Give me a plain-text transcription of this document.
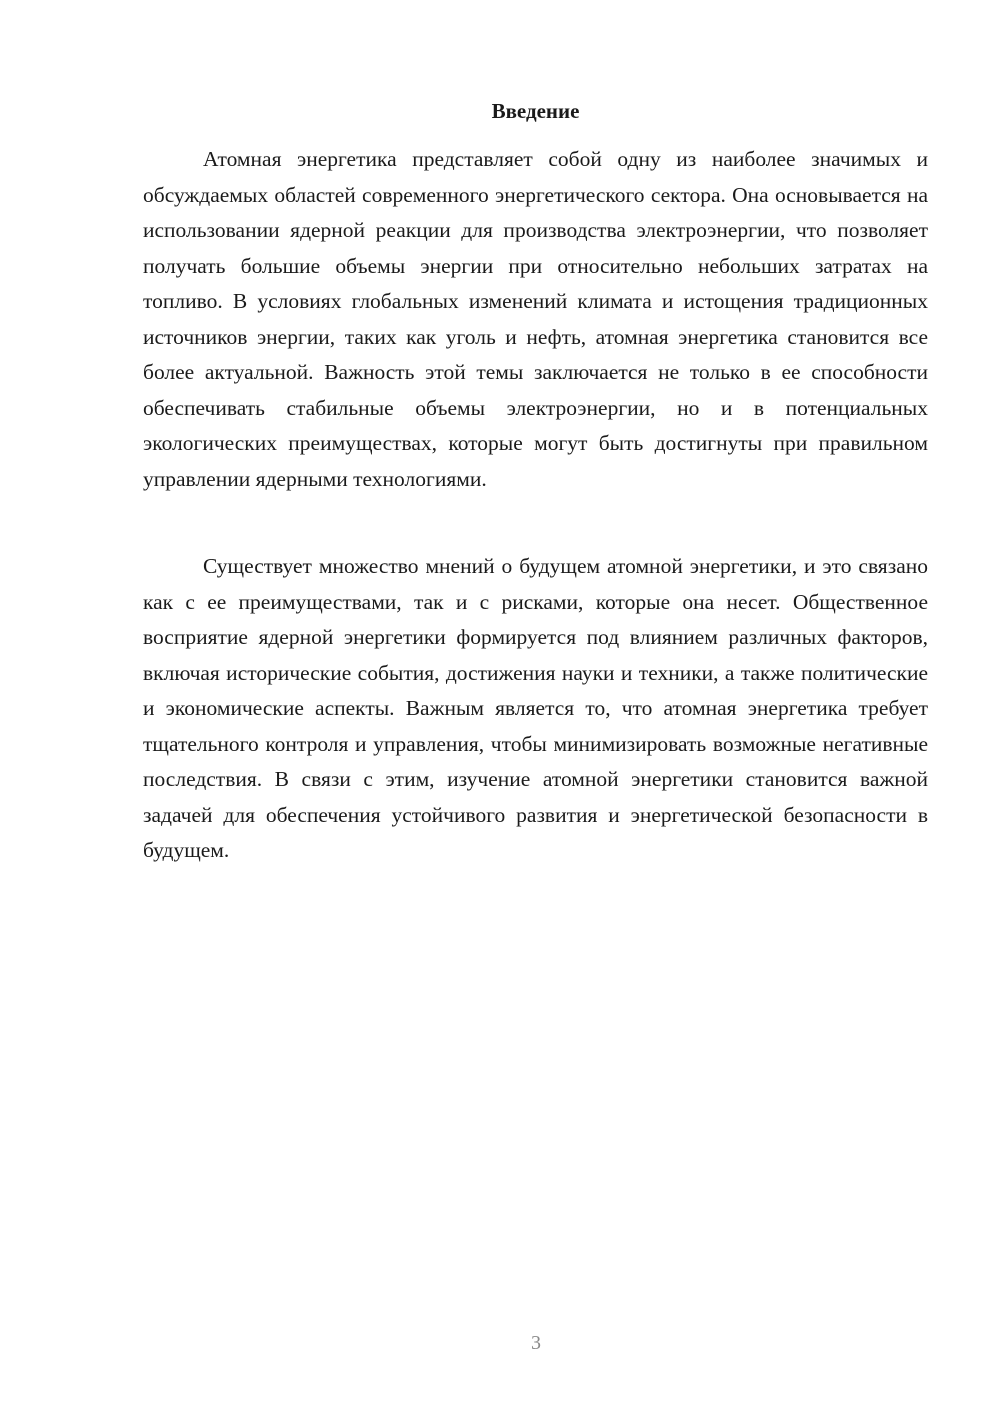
Введение

Атомная энергетика представляет собой одну из наиболее значимых и обсуждаемых областей современного энергетического сектора. Она основывается на использовании ядерной реакции для производства электроэнергии, что позволяет получать большие объемы энергии при относительно небольших затратах на топливо. В условиях глобальных изменений климата и истощения традиционных источников энергии, таких как уголь и нефть, атомная энергетика становится все более актуальной. Важность этой темы заключается не только в ее способности обеспечивать стабильные объемы электроэнергии, но и в потенциальных экологических преимуществах, которые могут быть достигнуты при правильном управлении ядерными технологиями.

Существует множество мнений о будущем атомной энергетики, и это связано как с ее преимуществами, так и с рисками, которые она несет. Общественное восприятие ядерной энергетики формируется под влиянием различных факторов, включая исторические события, достижения науки и техники, а также политические и экономические аспекты. Важным является то, что атомная энергетика требует тщательного контроля и управления, чтобы минимизировать возможные негативные последствия. В связи с этим, изучение атомной энергетики становится важной задачей для обеспечения устойчивого развития и энергетической безопасности в будущем.

3
